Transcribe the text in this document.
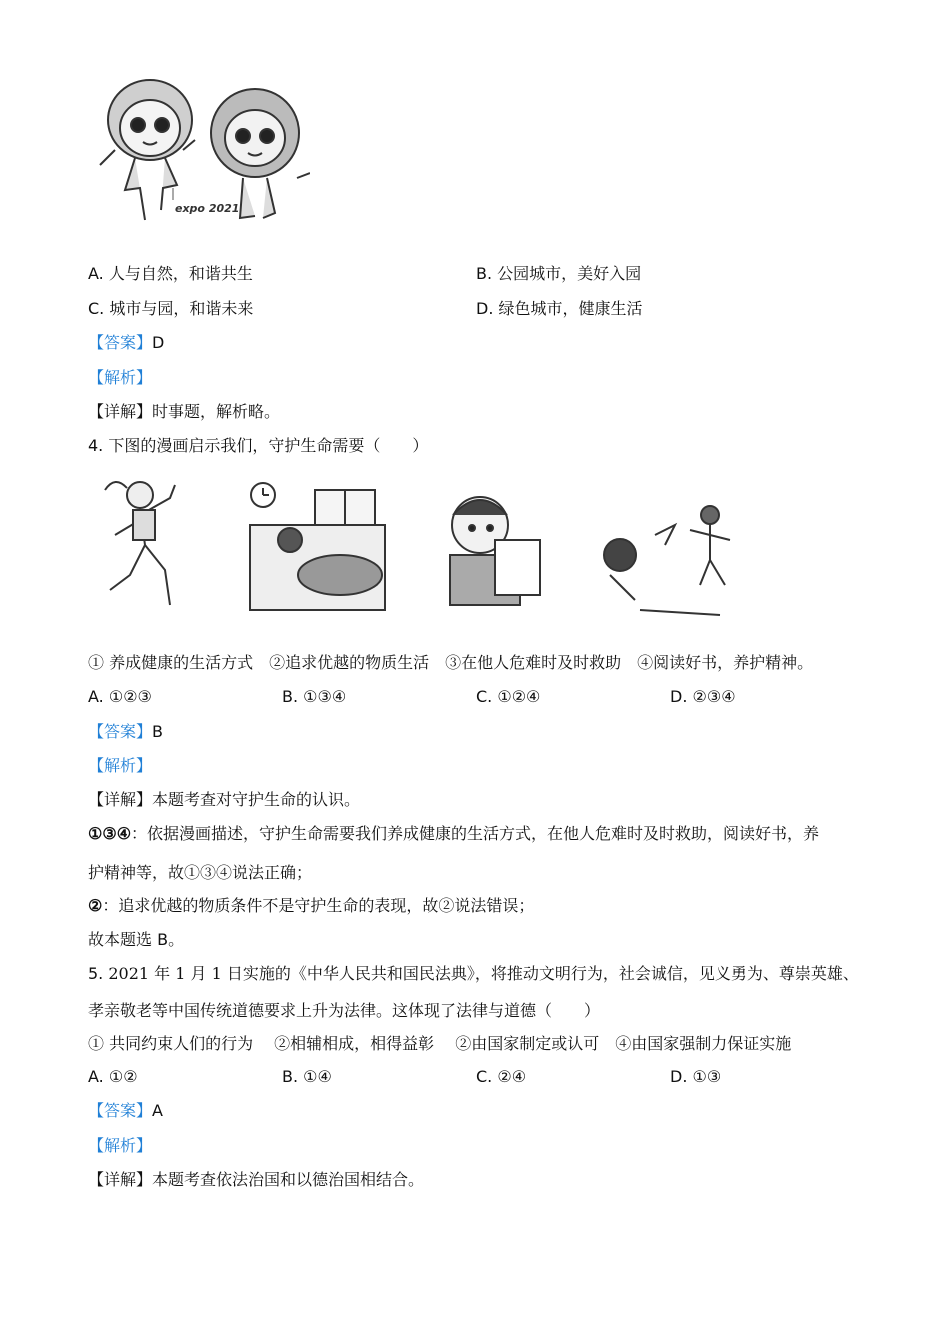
expo 2021
A. 人与自然，和谐共生	B. 公园城市，美好入园
C. 城市与园，和谐未来	D. 绿色城市，健康生活
【答案】D
【解析】
【详解】时事题，解析略。
4. 下图的漫画启示我们，守护生命需要（　　）
① 养成健康的生活方式　②追求优越的物质生活　③在他人危难时及时救助　④阅读好书，养护精神。
A. ①②③	B. ①③④	C. ①②④	D. ②③④
【答案】B
【解析】
【详解】本题考查对守护生命的认识。
①③④：依据漫画描述，守护生命需要我们养成健康的生活方式，在他人危难时及时救助，阅读好书，养
护精神等，故①③④说法正确；
②：追求优越的物质条件不是守护生命的表现，故②说法错误；
故本题选 B。
5. 2021 年 1 月 1 日实施的《中华人民共和国民法典》，将推动文明行为，社会诚信，见义勇为、尊崇英雄、
孝亲敬老等中国传统道德要求上升为法律。这体现了法律与道德（　　）
① 共同约束人们的行为　 ②相辅相成，相得益彰　 ②由国家制定或认可　④由国家强制力保证实施
A. ①②	B. ①④	C. ②④	D. ①③
【答案】A
【解析】
【详解】本题考查依法治国和以德治国相结合。
